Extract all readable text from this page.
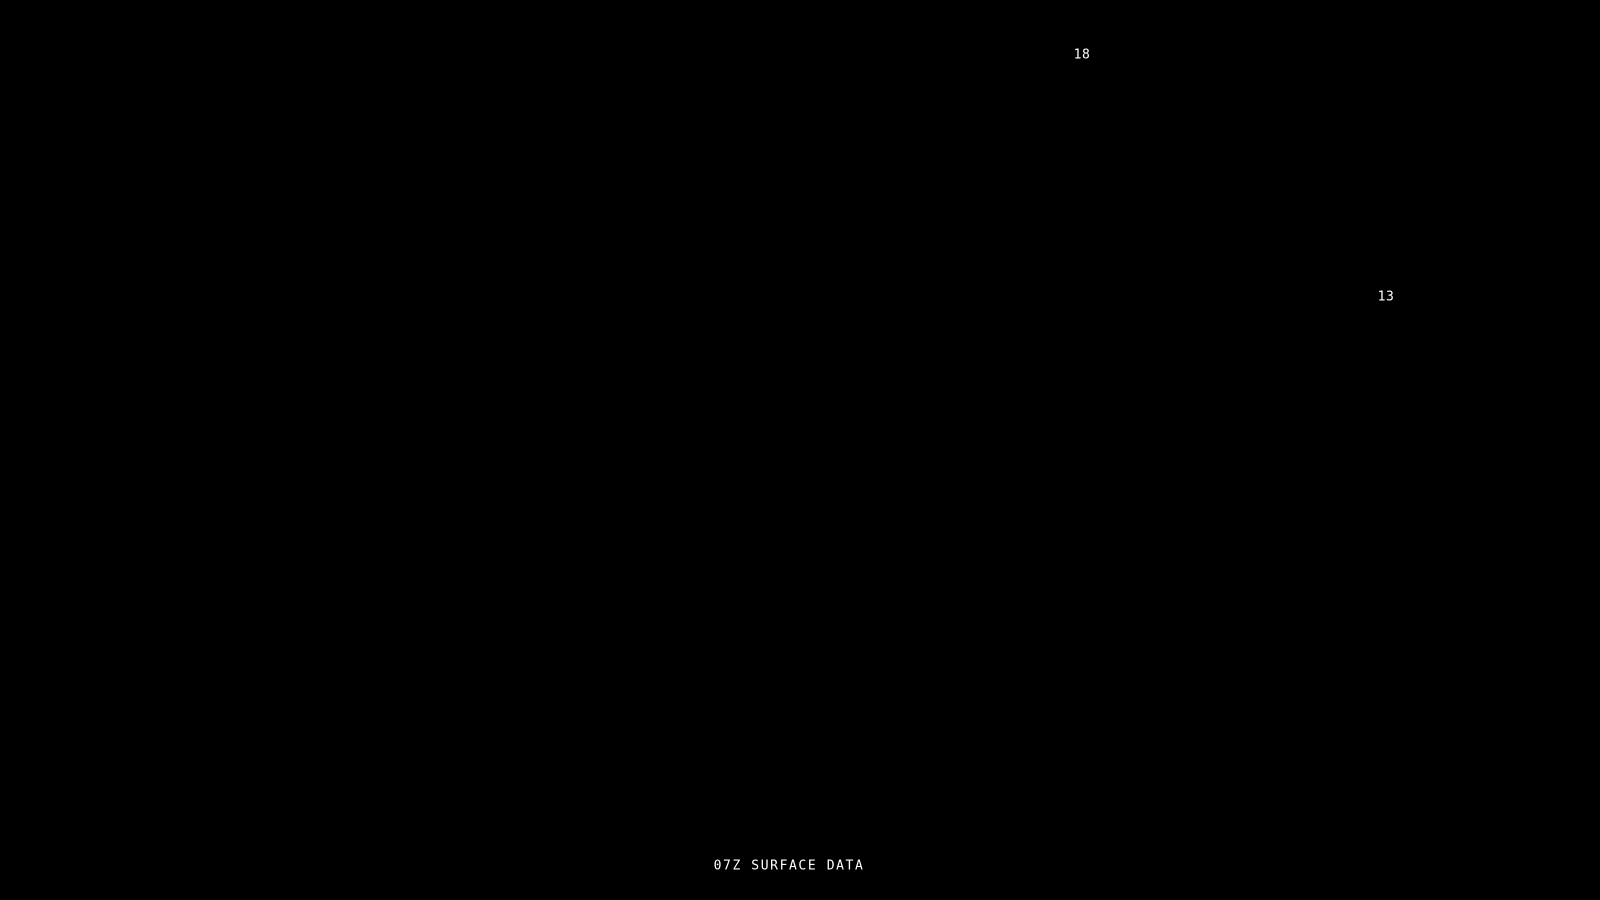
18
13
07Z SURFACE DATA
